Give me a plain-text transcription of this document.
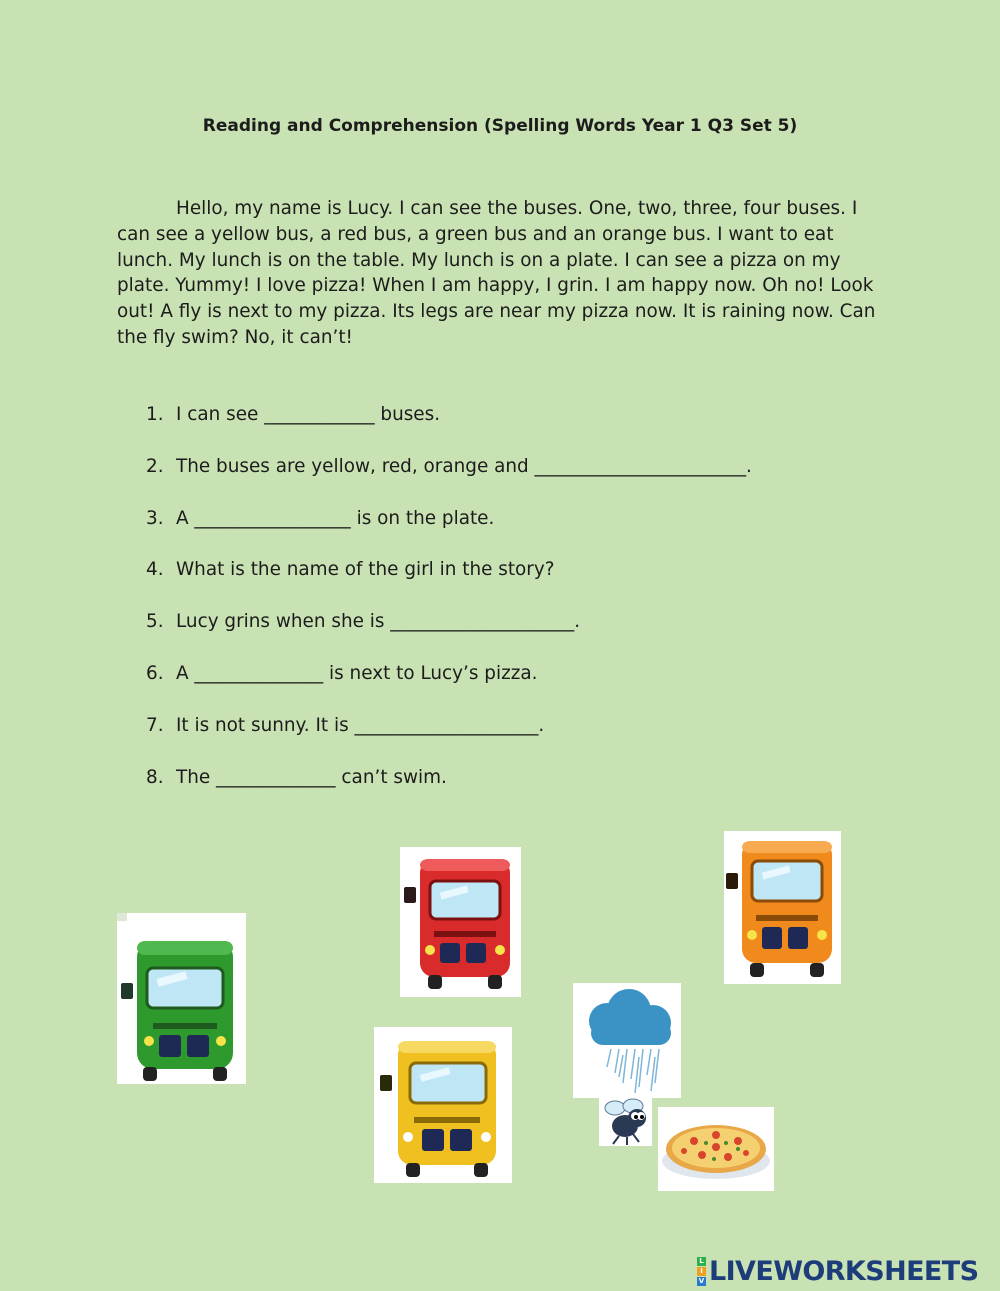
Reading and Comprehension (Spelling Words Year 1 Q3 Set 5)

Hello, my name is Lucy. I can see the buses. One, two, three, four buses. I can see a yellow bus, a red bus, a green bus and an orange bus. I want to eat lunch. My lunch is on the table. My lunch is on a plate. I can see a pizza on my plate. Yummy! I love pizza! When I am happy, I grin. I am happy now. Oh no! Look out! A fly is next to my pizza. Its legs are near my pizza now. It is raining now. Can the fly swim? No, it can’t!

1. I can see ____________ buses.
2. The buses are yellow, red, orange and _______________________.
3. A _________________ is on the plate.
4. What is the name of the girl in the story?
5. Lucy grins when she is ____________________.
6. A ______________ is next to Lucy’s pizza.
7. It is not sunny. It is ____________________.
8. The _____________ can’t swim.
L
I
V LIVEWORKSHEETS
